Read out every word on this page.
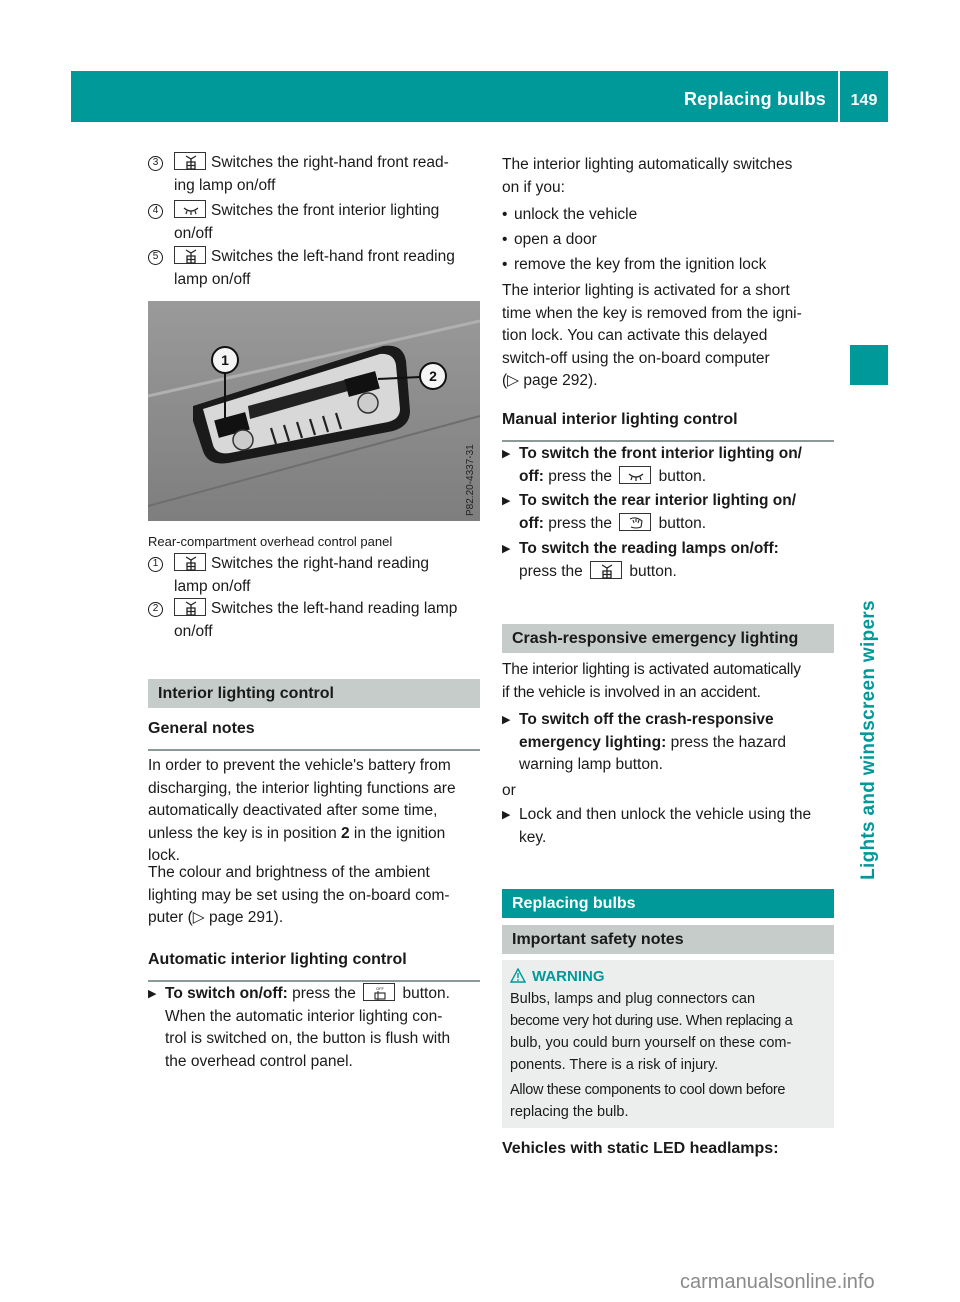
Replacing bulbs	149
Lights and windscreen wipers
3	Switches the right-hand front read-
ing lamp on/off
4	Switches the front interior lighting
on/off
5	Switches the left-hand front reading
lamp on/off
1
2
P82.20-4337-31
Rear-compartment overhead control panel
1	Switches the right-hand reading
lamp on/off
2	Switches the left-hand reading lamp
on/off
Interior lighting control
General notes
In order to prevent the vehicle's battery from
discharging, the interior lighting functions are
automatically deactivated after some time,
unless the key is in position 2 in the ignition
lock.
The colour and brightness of the ambient
lighting may be set using the on-board com-
puter (▷ page 291).
Automatic interior lighting control
▶ To switch on/off: press the	OFF button.
When the automatic interior lighting con-
trol is switched on, the button is flush with
the overhead control panel.
The interior lighting automatically switches
on if you:
• unlock the vehicle
• open a door
• remove the key from the ignition lock
The interior lighting is activated for a short
time when the key is removed from the igni-
tion lock. You can activate this delayed
switch-off using the on-board computer
(▷ page 292).
Manual interior lighting control
▶ To switch the front interior lighting on/
off: press the
button.
▶ To switch the rear interior lighting on/
off: press the
button.
▶ To switch the reading lamps on/off:
press the
button.
Crash-responsive emergency lighting
The interior lighting is activated automatically
if the vehicle is involved in an accident.
▶ To switch off the crash-responsive
emergency lighting: press the hazard
warning lamp button.
or
▶ Lock and then unlock the vehicle using the
key.
Replacing bulbs
Important safety notes
WARNING
Bulbs, lamps and plug connectors can
become very hot during use. When replacing a
bulb, you could burn yourself on these com-
ponents. There is a risk of injury.
Allow these components to cool down before
replacing the bulb.
Vehicles with static LED headlamps:
carmanualsonline.info
